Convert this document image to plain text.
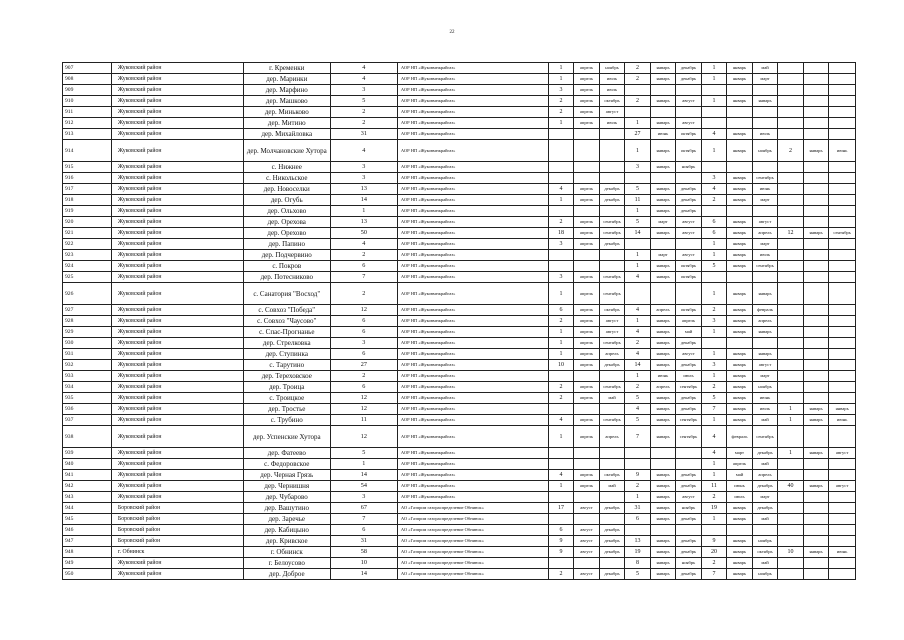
22
907	Жуковский район	г. Кременки	4	АОР НП «Жуковмежрайгаз»	1	апрель	ноябрь	2	январь	декабрь	1	январь	май			
908	Жуковский район	дер. Маринки	4	АОР НП «Жуковмежрайгаз»	1	апрель	июль	2	январь	декабрь	1	январь	март			
909	Жуковский район	дер. Марфино	3	АОР НП «Жуковмежрайгаз»	3	апрель	июль									
910	Жуковский район	дер. Машково	5	АОР НП «Жуковмежрайгаз»	2	апрель	октябрь	2	январь	август	1	январь	январь			
911	Жуковский район	дер. Миньково	2	АОР НП «Жуковмежрайгаз»	2	апрель	август									
912	Жуковский район	дер. Митино	2	АОР НП «Жуковмежрайгаз»	1	апрель	июль	1	январь	август						
913	Жуковский район	дер. Михайловка	31	АОР НП «Жуковмежрайгаз»				27	июнь	октябрь	4	январь	июль			
914	Жуковский район	дер. Молчановские Хутора	4	АОР НП «Жуковмежрайгаз»				1	январь	октябрь	1	январь	ноябрь	2	январь	июнь
915	Жуковский район	с. Нижнее	3	АОР НП «Жуковмежрайгаз»				3	январь	ноябрь						
916	Жуковский район	с. Никольское	3	АОР НП «Жуковмежрайгаз»							3	январь	сентябрь			
917	Жуковский район	дер. Новоселки	13	АОР НП «Жуковмежрайгаз»	4	апрель	декабрь	5	январь	декабрь	4	январь	июнь			
918	Жуковский район	дер. Огубь	14	АОР НП «Жуковмежрайгаз»	1	апрель	декабрь	11	январь	декабрь	2	январь	март			
919	Жуковский район	дер. Ольхово	1	АОР НП «Жуковмежрайгаз»				1	январь	декабрь						
920	Жуковский район	дер. Орехова	13	АОР НП «Жуковмежрайгаз»	2	апрель	сентябрь	5	март	август	6	январь	август			
921	Жуковский район	дер. Орехово	50	АОР НП «Жуковмежрайгаз»	18	апрель	сентябрь	14	январь	август	6	январь	апрель	12	январь	сентябрь
922	Жуковский район	дер. Папино	4	АОР НП «Жуковмежрайгаз»	3	апрель	декабрь				1	январь	март			
923	Жуковский район	дер. Подчервино	2	АОР НП «Жуковмежрайгаз»				1	март	август	1	январь	июль			
924	Жуковский район	с. Покров	6	АОР НП «Жуковмежрайгаз»				1	январь	октябрь	5	январь	сентябрь			
925	Жуковский район	дер. Потесниково	7	АОР НП «Жуковмежрайгаз»	3	апрель	сентябрь	4	январь	октябрь						
926	Жуковский район	с. Санатория "Восход"	2	АОР НП «Жуковмежрайгаз»	1	апрель	сентябрь				1	январь	январь			
927	Жуковский район	с. Совхоз "Победа"	12	АОР НП «Жуковмежрайгаз»	6	апрель	октябрь	4	апрель	октябрь	2	январь	февраль			
928	Жуковский район	с. Совхоз "Чаусово"	6	АОР НП «Жуковмежрайгаз»	2	апрель	август	1	январь	апрель	3	январь	апрель			
929	Жуковский район	с. Спас-Прогнанье	6	АОР НП «Жуковмежрайгаз»	1	апрель	август	4	январь	май	1	январь	январь			
930	Жуковский район	дер. Стрелковка	3	АОР НП «Жуковмежрайгаз»	1	апрель	сентябрь	2	январь	декабрь						
931	Жуковский район	дер. Ступинка	6	АОР НП «Жуковмежрайгаз»	1	апрель	апрель	4	январь	август	1	январь	январь			
932	Жуковский район	с. Тарутино	27	АОР НП «Жуковмежрайгаз»	10	апрель	декабрь	14	январь	декабрь	3	январь	август			
933	Жуковский район	дер. Тереховское	2	АОР НП «Жуковмежрайгаз»				1	июнь	июль	1	январь	март			
934	Жуковский район	дер. Троица	6	АОР НП «Жуковмежрайгаз»	2	апрель	сентябрь	2	апрель	сентябрь	2	январь	ноябрь			
935	Жуковский район	с. Троицкое	12	АОР НП «Жуковмежрайгаз»	2	апрель	май	5	январь	декабрь	5	январь	июнь			
936	Жуковский район	дер. Тростье	12	АОР НП «Жуковмежрайгаз»				4	январь	декабрь	7	январь	июль	1	январь	январь
937	Жуковский район	с. Трубино	11	АОР НП «Жуковмежрайгаз»	4	апрель	сентябрь	5	январь	сентябрь	1	январь	май	1	январь	июнь
938	Жуковский район	дер. Успенские Хутора	12	АОР НП «Жуковмежрайгаз»	1	апрель	апрель	7	январь	сентябрь	4	февраль	сентябрь			
939	Жуковский район	дер. Фатеево	5	АОР НП «Жуковмежрайгаз»							4	март	декабрь	1	январь	август
940	Жуковский район	с. Федоровское	1	АОР НП «Жуковмежрайгаз»							1	апрель	май			
941	Жуковский район	дер. Черная Грязь	14	АОР НП «Жуковмежрайгаз»	4	апрель	октябрь	9	январь	декабрь	1	май	апрель			
942	Жуковский район	дер. Чернишня	54	АОР НП «Жуковмежрайгаз»	1	апрель	май	2	январь	декабрь	11	июнь	декабрь	40	январь	август
943	Жуковский район	дер. Чубарово	3	АОР НП «Жуковмежрайгаз»				1	январь	август	2	июль	март			
944	Боровский район	дер. Вашутино	67	АО «Газпром газораспределение Обнинск»	17	август	декабрь	31	январь	ноябрь	19	январь	декабрь			
945	Боровский район	дер. Заречье	7	АО «Газпром газораспределение Обнинск»				6	январь	декабрь	1	январь	май			
946	Боровский район	дер. Кабицыно	6	АО «Газпром газораспределение Обнинск»	6	август	декабрь									
947	Боровский район	дер. Кривское	31	АО «Газпром газораспределение Обнинск»	9	август	декабрь	13	январь	декабрь	9	январь	ноябрь			
948	г. Обнинск	г. Обнинск	58	АО «Газпром газораспределение Обнинск»	9	август	декабрь	19	январь	декабрь	20	январь	октябрь	10	январь	июнь
949	Жуковский район	г. Белоусово	10	АО «Газпром газораспределение Обнинск»				8	январь	ноябрь	2	январь	май			
950	Жуковский район	дер. Доброе	14	АО «Газпром газораспределение Обнинск»	2	август	декабрь	5	январь	декабрь	7	январь	ноябрь			
